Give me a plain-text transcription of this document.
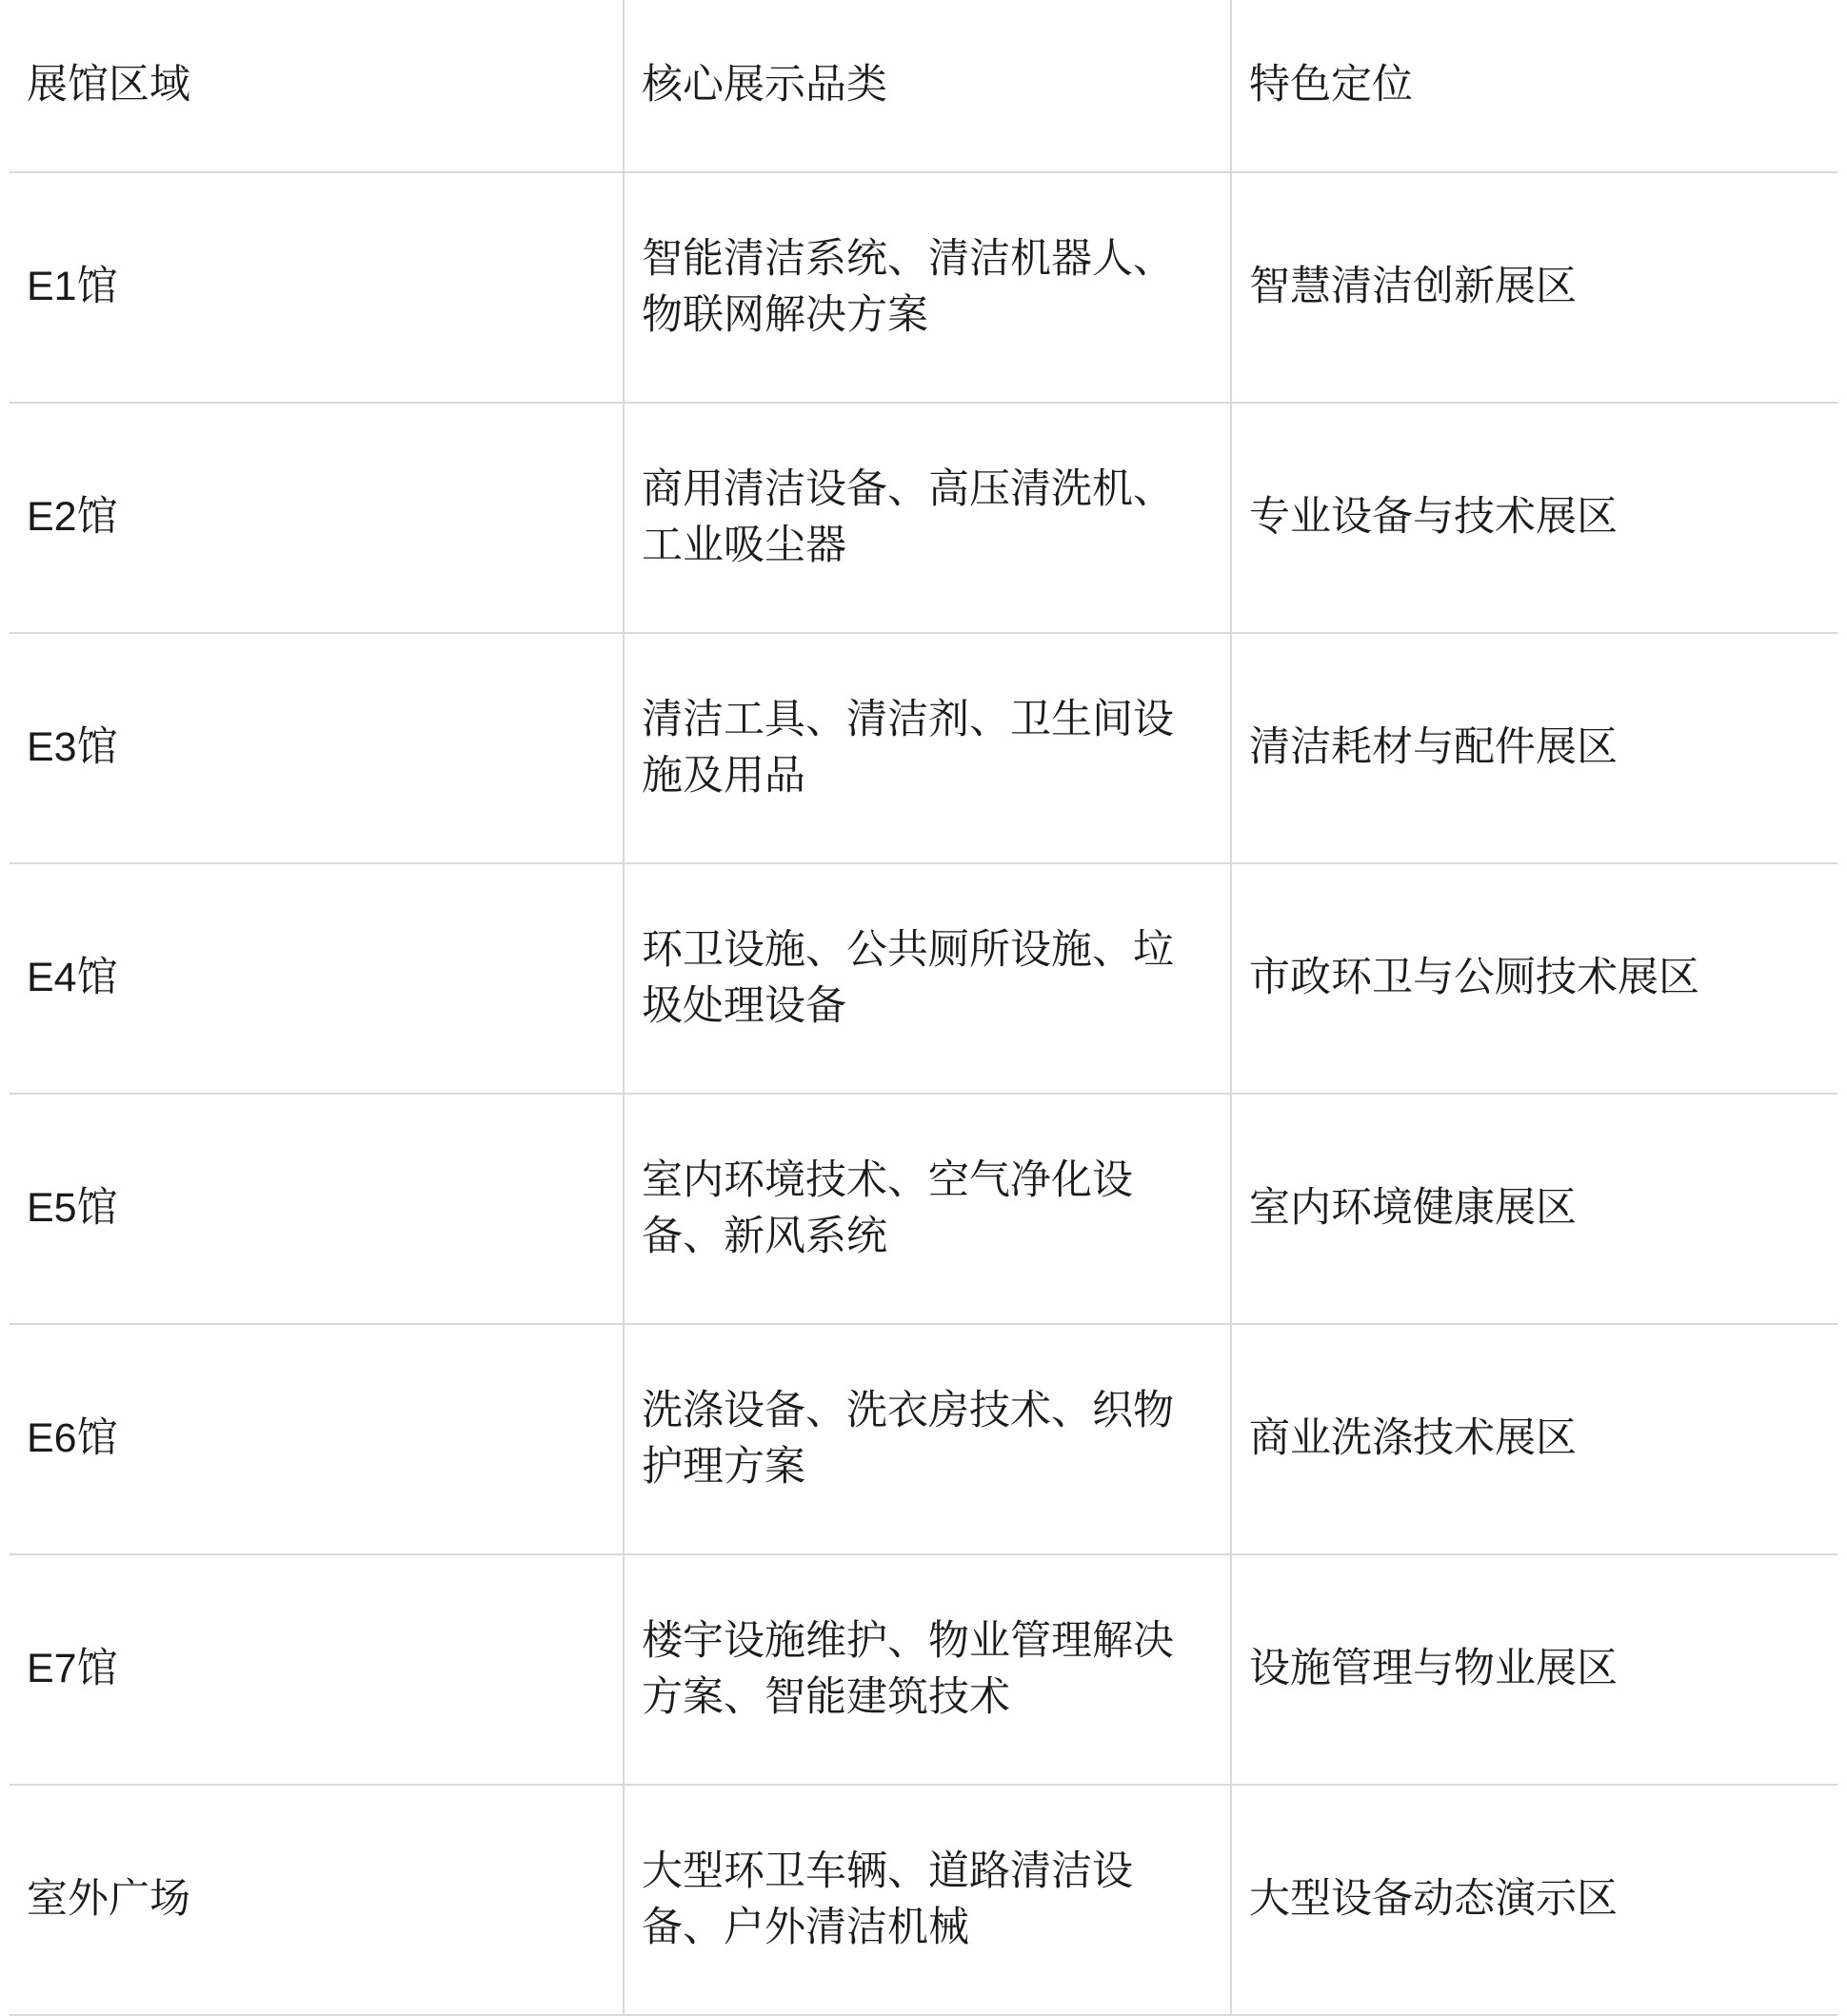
展馆区域	核心展示品类	特色定位
E1馆	智能清洁系统、清洁机器人、物联网解决方案	智慧清洁创新展区
E2馆	商用清洁设备、高压清洗机、工业吸尘器	专业设备与技术展区
E3馆	清洁工具、清洁剂、卫生间设施及用品	清洁耗材与配件展区
E4馆	环卫设施、公共厕所设施、垃圾处理设备	市政环卫与公厕技术展区
E5馆	室内环境技术、空气净化设备、新风系统	室内环境健康展区
E6馆	洗涤设备、洗衣房技术、织物护理方案	商业洗涤技术展区
E7馆	楼宇设施维护、物业管理解决方案、智能建筑技术	设施管理与物业展区
室外广场	大型环卫车辆、道路清洁设备、户外清洁机械	大型设备动态演示区
